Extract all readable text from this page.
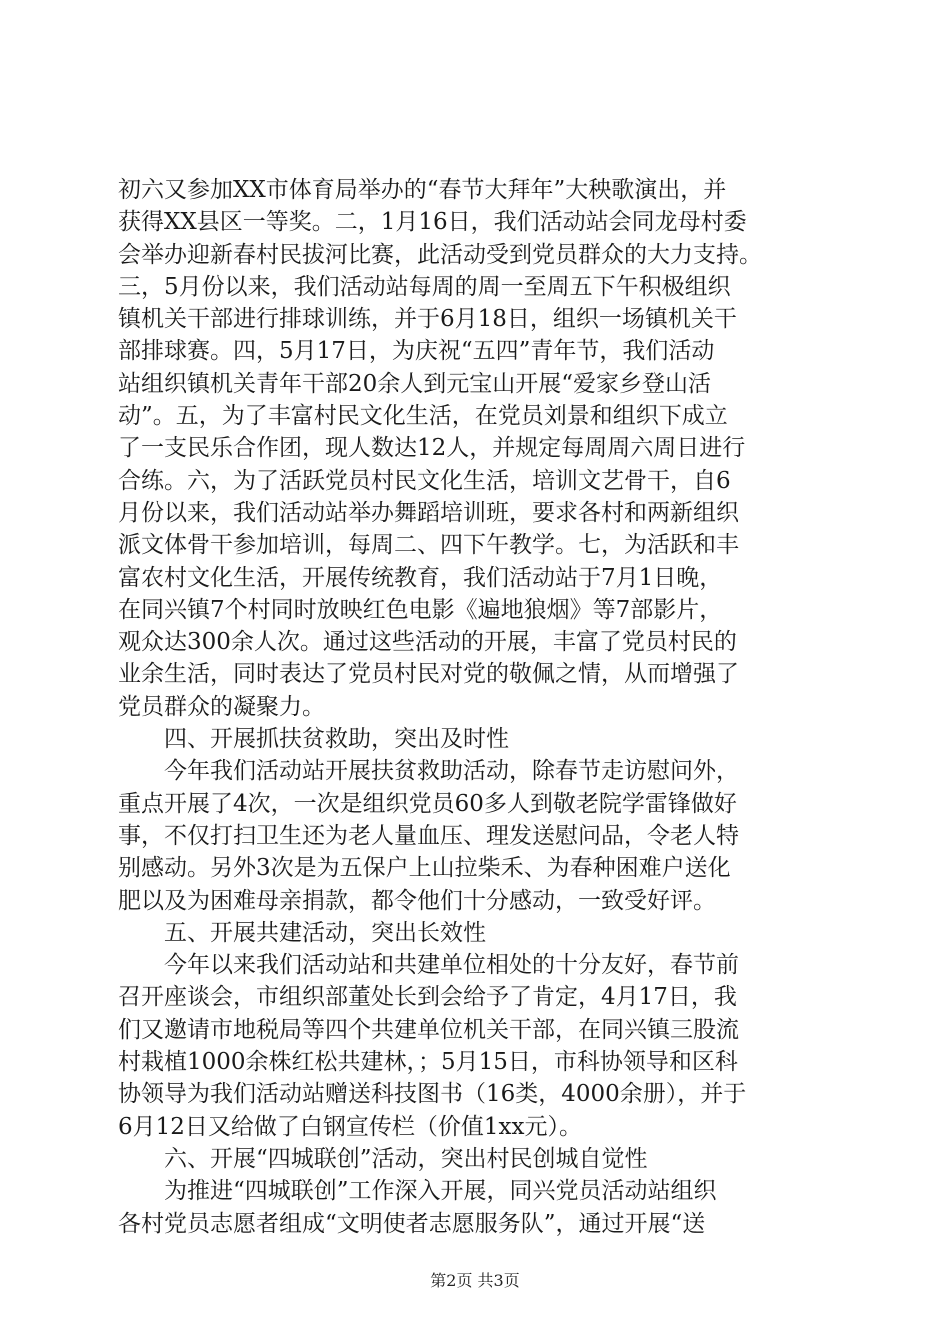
初六又参加XX市体育局举办的“春节大拜年”大秧歌演出，并
获得XX县区一等奖。二，1月16日，我们活动站会同龙母村委
会举办迎新春村民拔河比赛，此活动受到党员群众的大力支持。
三，5月份以来，我们活动站每周的周一至周五下午积极组织
镇机关干部进行排球训练，并于6月18日，组织一场镇机关干
部排球赛。四，5月17日，为庆祝“五四”青年节，我们活动
站组织镇机关青年干部20余人到元宝山开展“爱家乡登山活
动”。五，为了丰富村民文化生活，在党员刘景和组织下成立
了一支民乐合作团，现人数达12人，并规定每周周六周日进行
合练。六，为了活跃党员村民文化生活，培训文艺骨干，自6
月份以来，我们活动站举办舞蹈培训班，要求各村和两新组织
派文体骨干参加培训，每周二、四下午教学。七，为活跃和丰
富农村文化生活，开展传统教育，我们活动站于7月1日晚，
在同兴镇7个村同时放映红色电影《遍地狼烟》等7部影片，
观众达300余人次。通过这些活动的开展，丰富了党员村民的
业余生活，同时表达了党员村民对党的敬佩之情，从而增强了
党员群众的凝聚力。
四、开展抓扶贫救助，突出及时性
今年我们活动站开展扶贫救助活动，除春节走访慰问外，
重点开展了4次，一次是组织党员60多人到敬老院学雷锋做好
事，不仅打扫卫生还为老人量血压、理发送慰问品，令老人特
别感动。另外3次是为五保户上山拉柴禾、为春种困难户送化
肥以及为困难母亲捐款，都令他们十分感动，一致受好评。
五、开展共建活动，突出长效性
今年以来我们活动站和共建单位相处的十分友好，春节前
召开座谈会，市组织部董处长到会给予了肯定，4月17日，我
们又邀请市地税局等四个共建单位机关干部，在同兴镇三股流
村栽植1000余株红松共建林，；5月15日，市科协领导和区科
协领导为我们活动站赠送科技图书（16类，4000余册），并于
6月12日又给做了白钢宣传栏（价值1xx元）。
六、开展“四城联创”活动，突出村民创城自觉性
为推进“四城联创”工作深入开展，同兴党员活动站组织
各村党员志愿者组成“文明使者志愿服务队”，通过开展“送
第2页 共3页
